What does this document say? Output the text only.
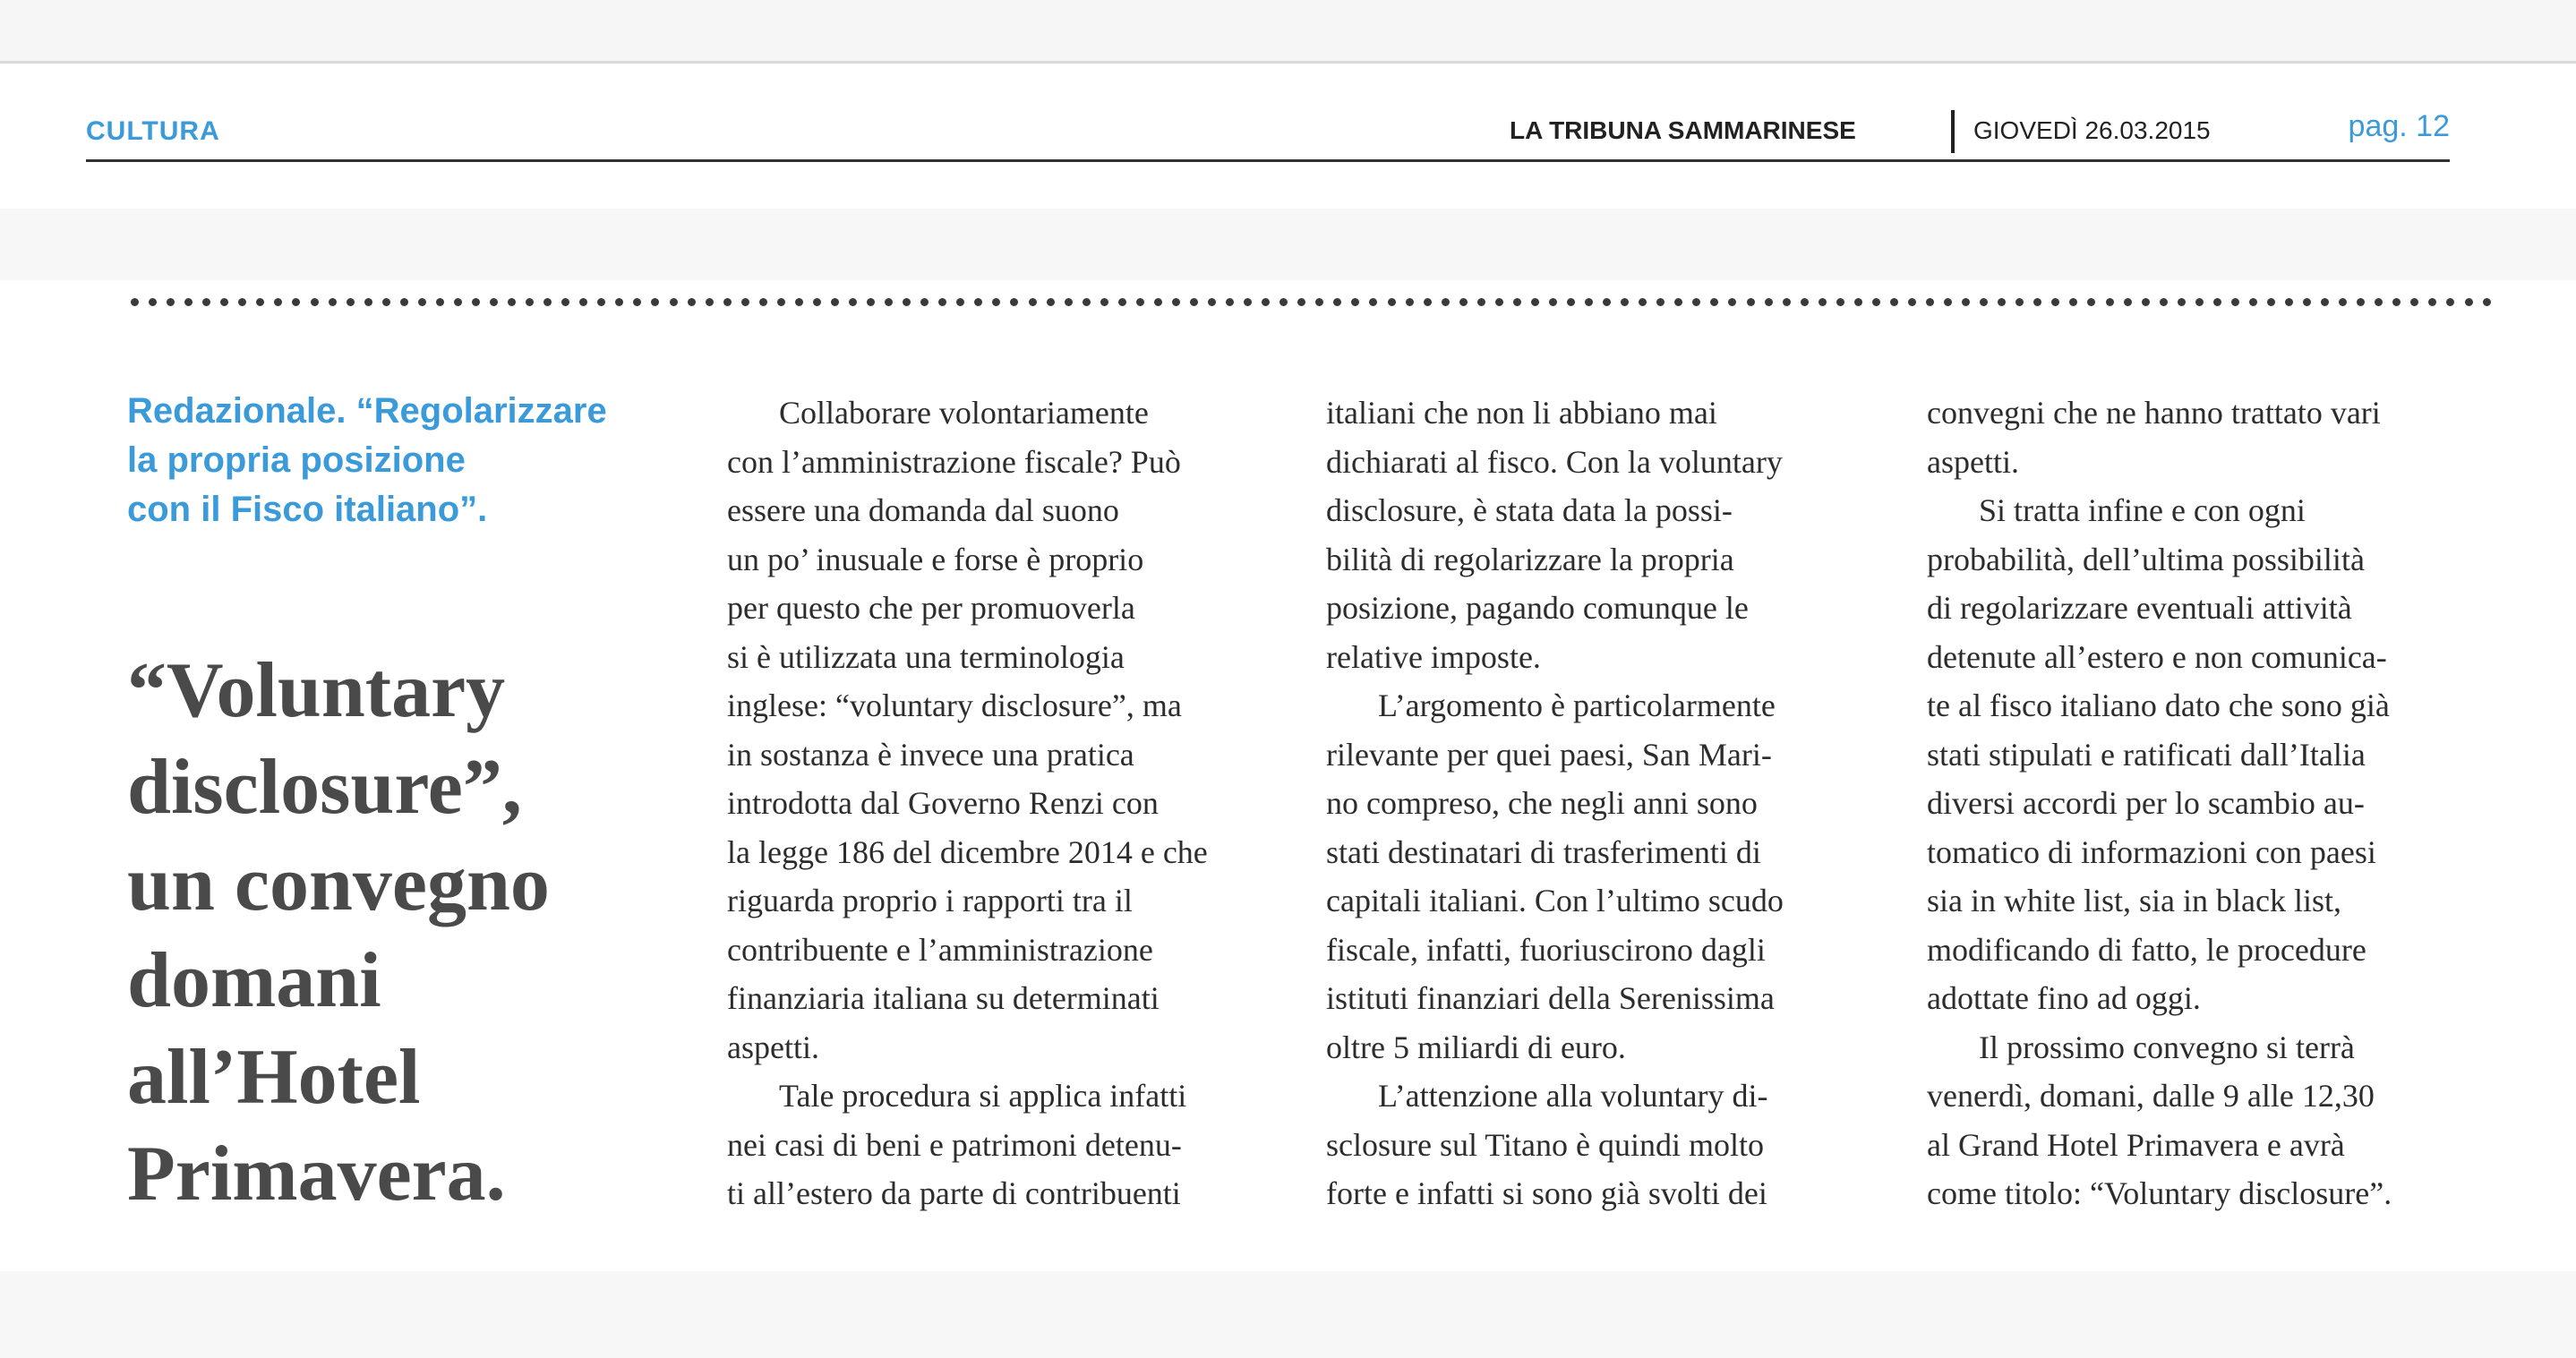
CULTURA	LA TRIBUNA SAMMARINESE	GIOVEDÌ 26.03.2015	pag. 12
Redazionale. “Regolarizzare
la propria posizione
con il Fisco italiano”.
“Voluntary
disclosure”,
un convegno
domani
all’Hotel
Primavera.

Collaborare volontariamente

con l’amministrazione fiscale? Può

essere una domanda dal suono

un po’ inusuale e forse è proprio

per questo che per promuoverla

si è utilizzata una terminologia

inglese: “voluntary disclosure”, ma

in sostanza è invece una pratica

introdotta dal Governo Renzi con

la legge 186 del dicembre 2014 e che

riguarda proprio i rapporti tra il

contribuente e l’amministrazione

finanziaria italiana su determinati

aspetti.

Tale procedura si applica infatti

nei casi di beni e patrimoni detenu-

ti all’estero da parte di contribuenti

italiani che non li abbiano mai

dichiarati al fisco. Con la voluntary

disclosure, è stata data la possi-

bilità di regolarizzare la propria

posizione, pagando comunque le

relative imposte.

L’argomento è particolarmente

rilevante per quei paesi, San Mari-

no compreso, che negli anni sono

stati destinatari di trasferimenti di

capitali italiani. Con l’ultimo scudo

fiscale, infatti, fuoriuscirono dagli

istituti finanziari della Serenissima

oltre 5 miliardi di euro.

L’attenzione alla voluntary di-

sclosure sul Titano è quindi molto

forte e infatti si sono già svolti dei

convegni che ne hanno trattato vari

aspetti.

Si tratta infine e con ogni

probabilità, dell’ultima possibilità

di regolarizzare eventuali attività

detenute all’estero e non comunica-

te al fisco italiano dato che sono già

stati stipulati e ratificati dall’Italia

diversi accordi per lo scambio au-

tomatico di informazioni con paesi

sia in white list, sia in black list,

modificando di fatto, le procedure

adottate fino ad oggi.

Il prossimo convegno si terrà

venerdì, domani, dalle 9 alle 12,30

al Grand Hotel Primavera e avrà

come titolo: “Voluntary disclosure”.
